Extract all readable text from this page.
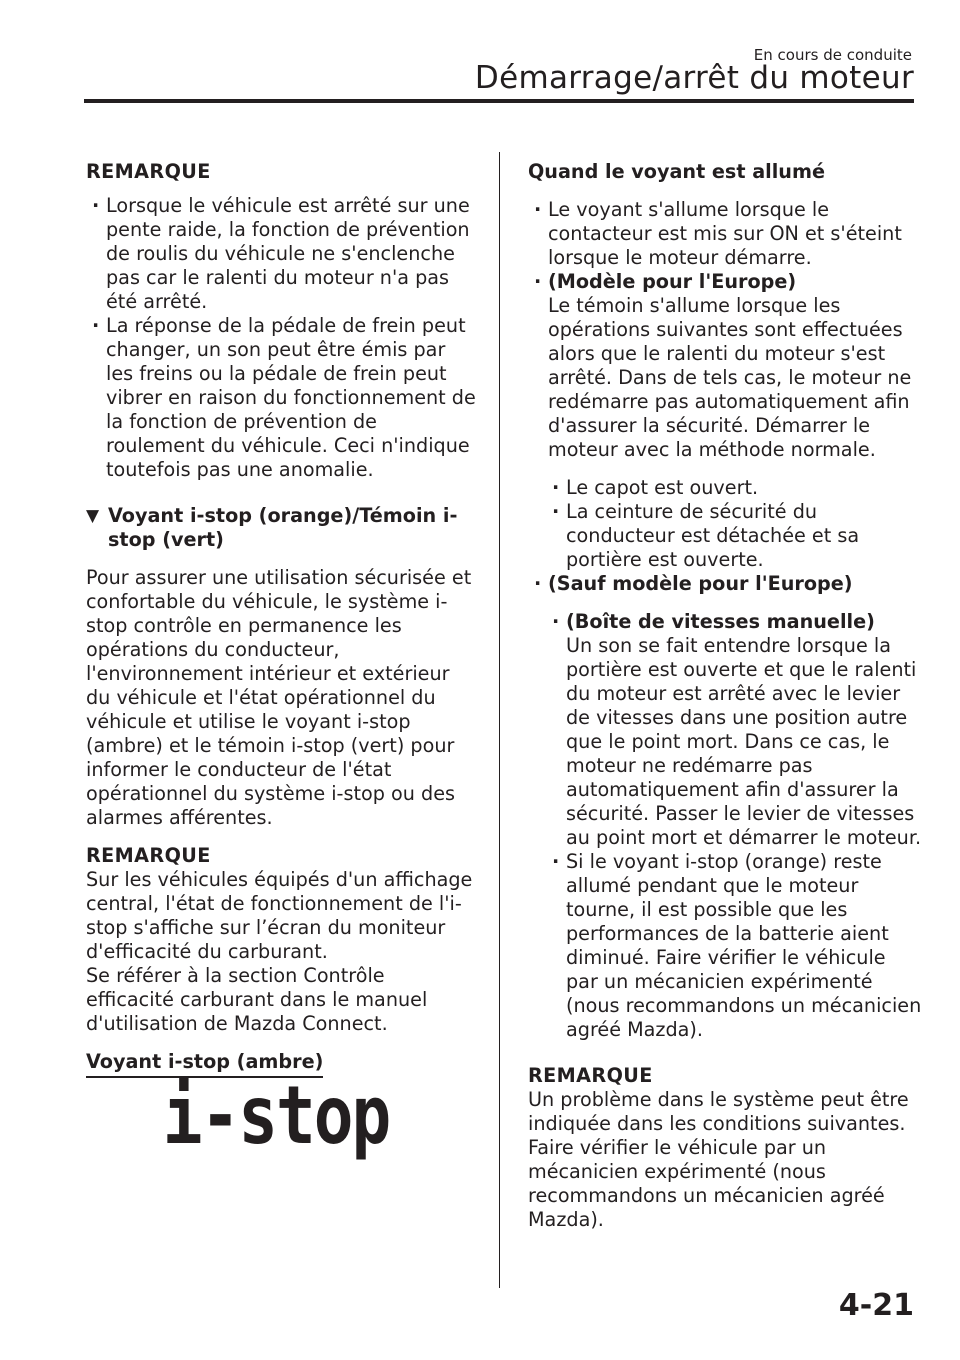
En cours de conduite
Démarrage/arrêt du moteur

REMARQUE

· Lorsque le véhicule est arrêté sur une pente raide, la fonction de prévention de roulis du véhicule ne s'enclenche pas car le ralenti du moteur n'a pas été arrêté.

· La réponse de la pédale de frein peut changer, un son peut être émis par les freins ou la pédale de frein peut vibrer en raison du fonctionnement de la fonction de prévention de roulement du véhicule. Ceci n'indique toutefois pas une anomalie.

▼ Voyant i-stop (orange)/Témoin i-stop (vert)

Pour assurer une utilisation sécurisée et confortable du véhicule, le système i-stop contrôle en permanence les opérations du conducteur, l'environnement intérieur et extérieur du véhicule et l'état opérationnel du véhicule et utilise le voyant i-stop (ambre) et le témoin i-stop (vert) pour informer le conducteur de l'état opérationnel du système i-stop ou des alarmes afférentes.

REMARQUE

Sur les véhicules équipés d'un affichage central, l'état de fonctionnement de l'i-stop s'affiche sur l’écran du moniteur d'efficacité du carburant.

Se référer à la section Contrôle efficacité carburant dans le manuel d'utilisation de Mazda Connect.

Voyant i-stop (ambre)

i-stop

Quand le voyant est allumé

· Le voyant s'allume lorsque le contacteur est mis sur ON et s'éteint lorsque le moteur démarre.

· (Modèle pour l'Europe)

Le témoin s'allume lorsque les opérations suivantes sont effectuées alors que le ralenti du moteur s'est arrêté. Dans de tels cas, le moteur ne redémarre pas automatiquement afin d'assurer la sécurité. Démarrer le moteur avec la méthode normale.

· Le capot est ouvert.

· La ceinture de sécurité du conducteur est détachée et sa portière est ouverte.

· (Sauf modèle pour l'Europe)

· (Boîte de vitesses manuelle)

Un son se fait entendre lorsque la portière est ouverte et que le ralenti du moteur est arrêté avec le levier de vitesses dans une position autre que le point mort. Dans ce cas, le moteur ne redémarre pas automatiquement afin d'assurer la sécurité. Passer le levier de vitesses au point mort et démarrer le moteur.

· Si le voyant i-stop (orange) reste allumé pendant que le moteur tourne, il est possible que les performances de la batterie aient diminué. Faire vérifier le véhicule par un mécanicien expérimenté (nous recommandons un mécanicien agréé Mazda).

REMARQUE

Un problème dans le système peut être indiquée dans les conditions suivantes. Faire vérifier le véhicule par un mécanicien expérimenté (nous recommandons un mécanicien agréé Mazda).

4-21
